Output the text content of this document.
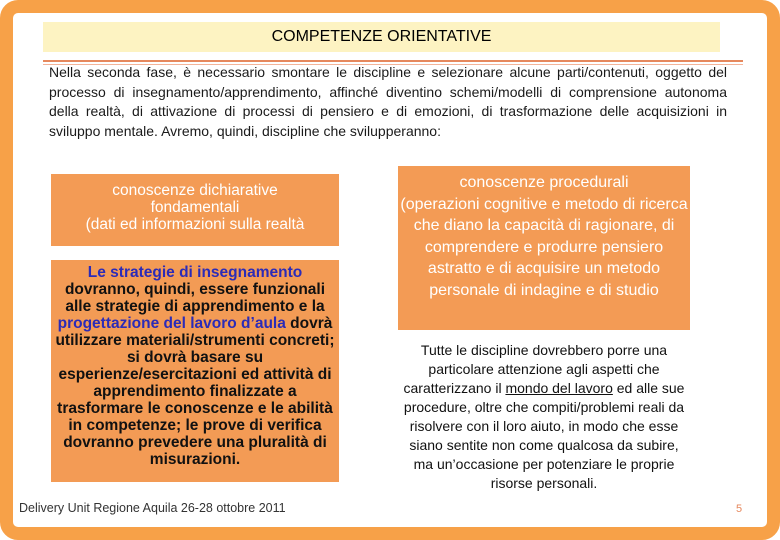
COMPETENZE ORIENTATIVE
Nella seconda fase, è necessario smontare le discipline e selezionare alcune parti/contenuti, oggetto del processo di insegnamento/apprendimento, affinché diventino schemi/modelli di comprensione autonoma della realtà, di attivazione di processi di pensiero e di emozioni, di trasformazione delle acquisizioni in sviluppo mentale. Avremo, quindi, discipline che svilupperanno:
conoscenze dichiarative
fondamentali
(dati ed informazioni sulla realtà
Le strategie di insegnamento dovranno, quindi, essere funzionali alle strategie di apprendimento e la progettazione del lavoro d’aula dovrà utilizzare materiali/strumenti concreti; si dovrà basare su esperienze/esercitazioni ed attività di apprendimento finalizzate a trasformare le conoscenze e le abilità in competenze; le prove di verifica dovranno prevedere una pluralità di misurazioni.
conoscenze procedurali
(operazioni cognitive e metodo di ricerca che diano la capacità di ragionare, di comprendere e produrre pensiero astratto e di acquisire un metodo personale di indagine e di studio
Tutte le discipline dovrebbero porre una particolare attenzione agli aspetti che caratterizzano il mondo del lavoro ed alle sue procedure, oltre che compiti/problemi reali da risolvere con il loro aiuto, in modo che esse siano sentite non come qualcosa da subire, ma un’occasione per potenziare le proprie risorse personali.
Delivery Unit Regione Aquila 26-28 ottobre 2011	5
